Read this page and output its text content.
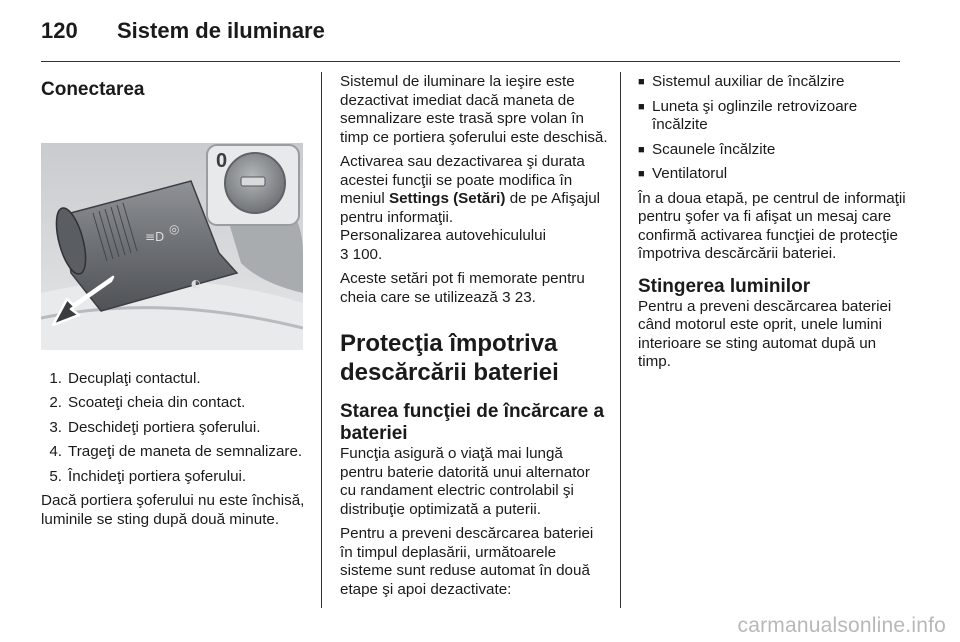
120 Sistem de iluminare
Conectarea
≡D
◎
◐
0
1. Decuplaţi contactul.
2. Scoateţi cheia din contact.
3. Deschideţi portiera şoferului.
4. Trageţi de maneta de semnalizare.
5. Închideţi portiera şoferului.

Dacă portiera şoferului nu este închisă, luminile se sting după două minute.

Sistemul de iluminare la ieşire este dezactivat imediat dacă maneta de semnalizare este trasă spre volan în timp ce portiera şoferului este deschisă.

Activarea sau dezactivarea şi durata acestei funcţii se poate modifica în meniul Settings (Setări) de pe Afişajul pentru informaţii.
Personalizarea autovehiculului
3 100.

Aceste setări pot fi memorate pentru cheia care se utilizează 3 23.

Protecţia împotriva descărcării bateriei
Starea funcţiei de încărcare a bateriei

Funcţia asigură o viaţă mai lungă pentru baterie datorită unui alternator cu randament electric controlabil şi distribuţie optimizată a puterii.

Pentru a preveni descărcarea bateriei în timpul deplasării, următoarele sisteme sunt reduse automat în două etape şi apoi dezactivate:

■ Sistemul auxiliar de încălzire
■ Luneta şi oglinzile retrovizoare încălzite
■ Scaunele încălzite
■ Ventilatorul

În a doua etapă, pe centrul de informaţii pentru şofer va fi afişat un mesaj care confirmă activarea funcţiei de protecţie împotriva descărcării bateriei.

Stingerea luminilor

Pentru a preveni descărcarea bateriei când motorul este oprit, unele lumini interioare se sting automat după un timp.

carmanualsonline.info
